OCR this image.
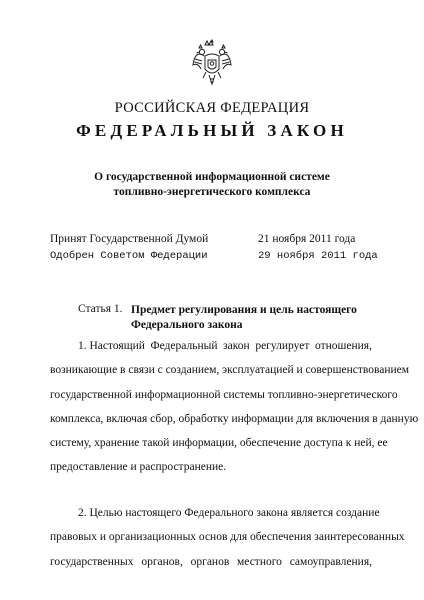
РОССИЙСКАЯ ФЕДЕРАЦИЯ
ФЕДЕРАЛЬНЫЙ ЗАКОН
О государственной информационной системе
топливно-энергетического комплекса
Принят Государственной Думой	21 ноября 2011 года
Одобрен Советом Федерации	29 ноября 2011 года
Статья 1. Предмет регулирования и цель настоящего
Федерального закона
1. Настоящий Федеральный закон регулирует отношения,
возникающие в связи с созданием, эксплуатацией и совершенствованием
государственной информационной системы топливно-энергетического
комплекса, включая сбор, обработку информации для включения в данную
систему, хранение такой информации, обеспечение доступа к ней, ее
предоставление и распространение.
2. Целью настоящего Федерального закона является создание
правовых и организационных основ для обеспечения заинтересованных
государственных органов, органов местного самоуправления,
